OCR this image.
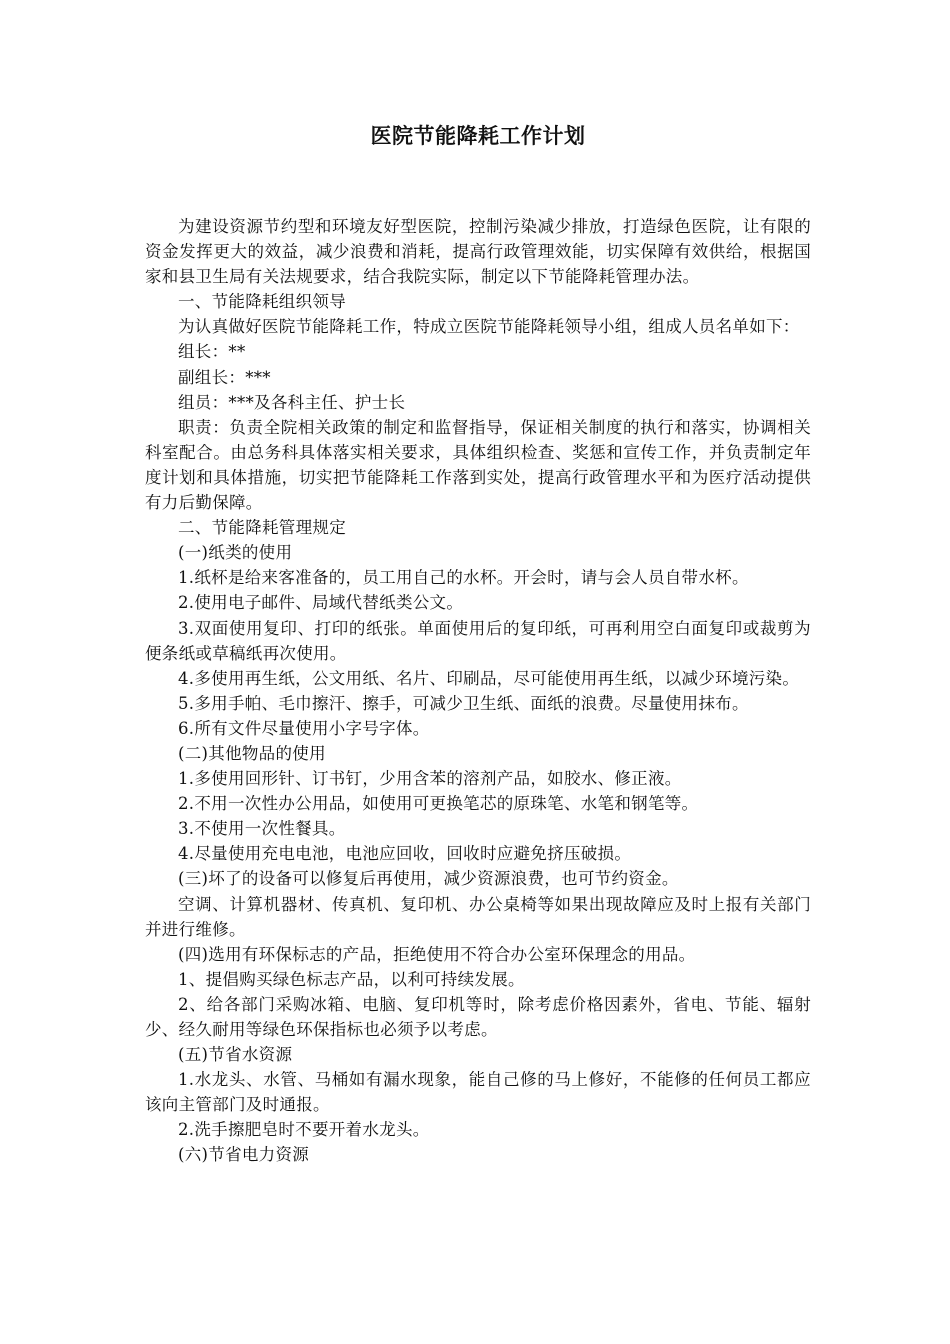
医院节能降耗工作计划

为建设资源节约型和环境友好型医院，控制污染减少排放，打造绿色医院，让有限的资金发挥更大的效益，减少浪费和消耗，提高行政管理效能，切实保障有效供给，根据国家和县卫生局有关法规要求，结合我院实际，制定以下节能降耗管理办法。

一、节能降耗组织领导

为认真做好医院节能降耗工作，特成立医院节能降耗领导小组，组成人员名单如下：

组长：**

副组长：***

组员：***及各科主任、护士长

职责：负责全院相关政策的制定和监督指导，保证相关制度的执行和落实，协调相关科室配合。由总务科具体落实相关要求，具体组织检查、奖惩和宣传工作，并负责制定年度计划和具体措施，切实把节能降耗工作落到实处，提高行政管理水平和为医疗活动提供有力后勤保障。

二、节能降耗管理规定

(一)纸类的使用

1.纸杯是给来客准备的，员工用自己的水杯。开会时，请与会人员自带水杯。

2.使用电子邮件、局域代替纸类公文。

3.双面使用复印、打印的纸张。单面使用后的复印纸，可再利用空白面复印或裁剪为便条纸或草稿纸再次使用。

4.多使用再生纸，公文用纸、名片、印刷品，尽可能使用再生纸，以减少环境污染。

5.多用手帕、毛巾擦汗、擦手，可减少卫生纸、面纸的浪费。尽量使用抹布。

6.所有文件尽量使用小字号字体。

(二)其他物品的使用

1.多使用回形针、订书钉，少用含苯的溶剂产品，如胶水、修正液。

2.不用一次性办公用品，如使用可更换笔芯的原珠笔、水笔和钢笔等。

3.不使用一次性餐具。

4.尽量使用充电电池，电池应回收，回收时应避免挤压破损。

(三)坏了的设备可以修复后再使用，减少资源浪费，也可节约资金。

空调、计算机器材、传真机、复印机、办公桌椅等如果出现故障应及时上报有关部门并进行维修。

(四)选用有环保标志的产品，拒绝使用不符合办公室环保理念的用品。

1、提倡购买绿色标志产品，以利可持续发展。

2、给各部门采购冰箱、电脑、复印机等时，除考虑价格因素外，省电、节能、辐射少、经久耐用等绿色环保指标也必须予以考虑。

(五)节省水资源

1.水龙头、水管、马桶如有漏水现象，能自己修的马上修好，不能修的任何员工都应该向主管部门及时通报。

2.洗手擦肥皂时不要开着水龙头。

(六)节省电力资源
